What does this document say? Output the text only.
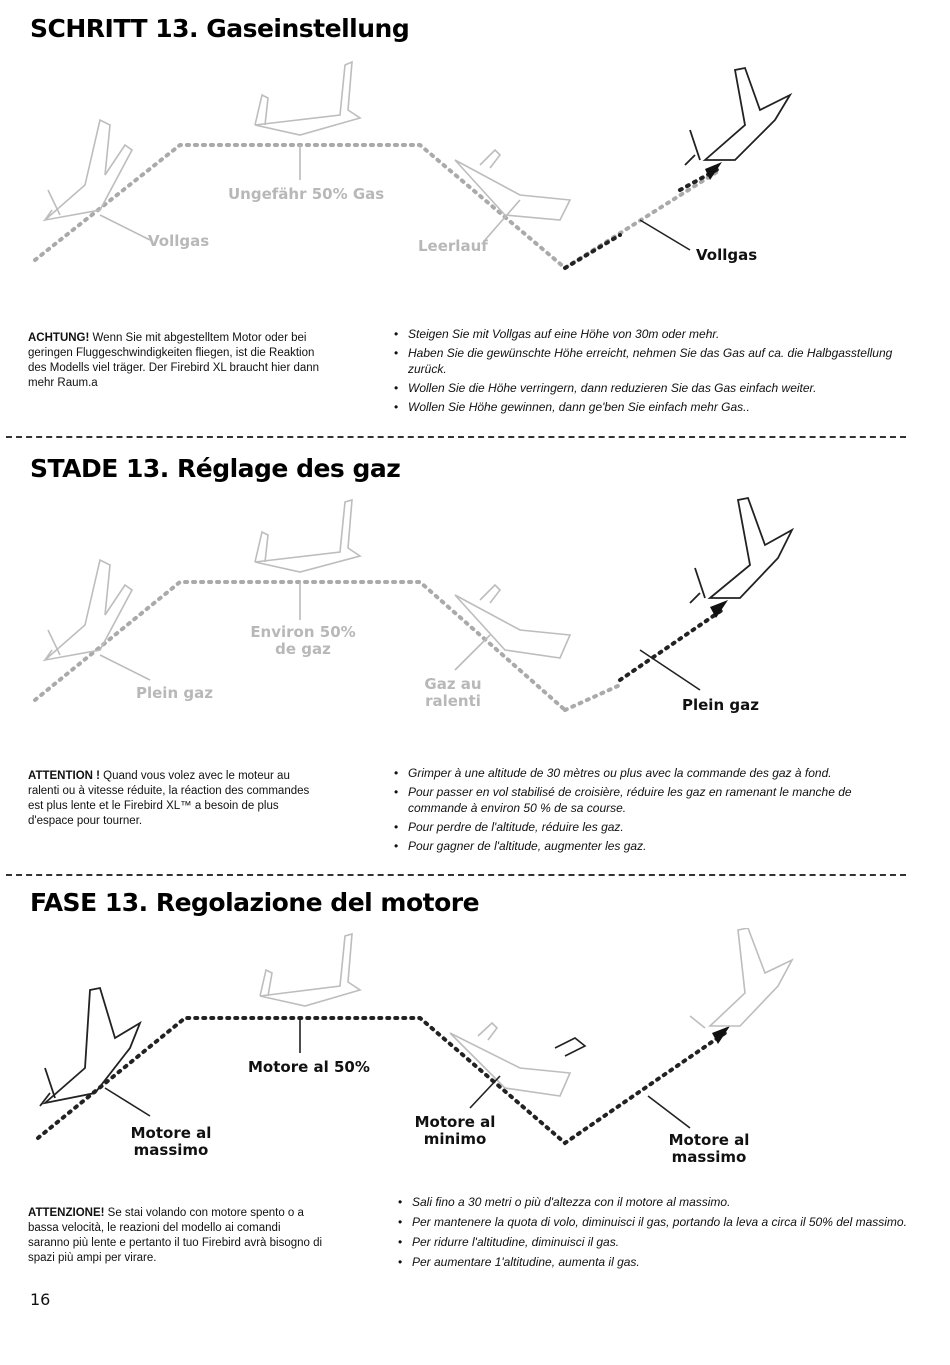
SCHRITT 13. Gaseinstellung
Vollgas
Ungefähr 50% Gas
Leerlauf	Vollgas
ACHTUNG! Wenn Sie mit abgestelltem Motor oder bei geringen Fluggeschwindigkeiten fliegen, ist die Reaktion des Modells viel träger. Der Firebird XL braucht hier dann mehr Raum.a
• Steigen Sie mit Vollgas auf eine Höhe von 30m oder mehr.
• Haben Sie die gewünschte Höhe erreicht, nehmen Sie das Gas auf ca. die Halbgasstellung zurück.
• Wollen Sie die Höhe verringern, dann reduzieren Sie das Gas einfach weiter.
• Wollen Sie Höhe gewinnen, dann ge'ben Sie einfach mehr Gas..
STADE 13. Réglage des gaz
Plein gaz
Environ 50%
de gaz
Gaz au
ralenti	Plein gaz
ATTENTION ! Quand vous volez avec le moteur au ralenti ou à vitesse réduite, la réaction des commandes est plus lente et le Firebird XL™ a besoin de plus d'espace pour tourner.
• Grimper à une altitude de 30 mètres ou plus avec la commande des gaz à fond.
• Pour passer en vol stabilisé de croisière, réduire les gaz en ramenant le manche de commande à environ 50 % de sa course.
• Pour perdre de l'altitude, réduire les gaz.
• Pour gagner de l'altitude, augmenter les gaz.
FASE 13. Regolazione del motore
Motore al 50%
Motore al
massimo
Motore al
minimo	Motore al
massimo
ATTENZIONE! Se stai volando con motore spento o a bassa velocità, le reazioni del modello ai comandi saranno più lente e pertanto il tuo Firebird avrà bisogno di spazi più ampi per virare.
• Sali fino a 30 metri o più d'altezza con il motore al massimo.
• Per mantenere la quota di volo, diminuisci il gas, portando la leva a circa il 50% del massimo.
• Per ridurre l'altitudine, diminuisci il gas.
• Per aumentare 1'altitudine, aumenta il gas.
16
